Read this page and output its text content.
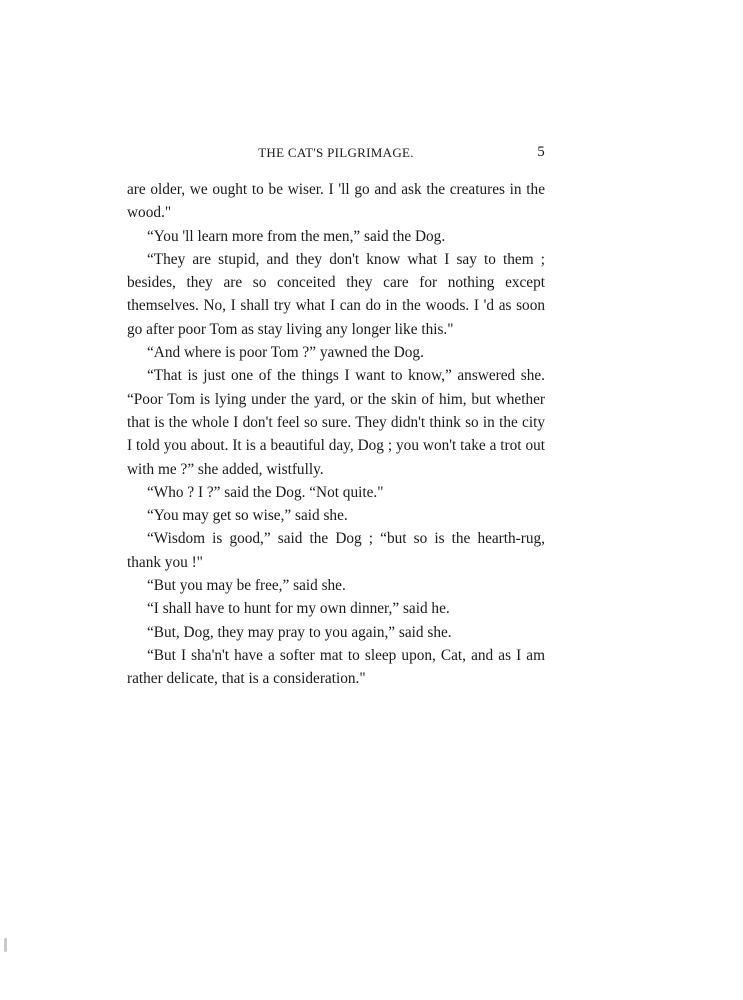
THE CAT'S PILGRIMAGE.	5

are older, we ought to be wiser. I 'll go and ask the creatures in the wood."

“You 'll learn more from the men,” said the Dog.

“They are stupid, and they don't know what I say to them ; besides, they are so conceited they care for nothing except themselves. No, I shall try what I can do in the woods. I 'd as soon go after poor Tom as stay living any longer like this."

“And where is poor Tom ?” yawned the Dog.

“That is just one of the things I want to know,” answered she. “Poor Tom is lying under the yard, or the skin of him, but whether that is the whole I don't feel so sure. They didn't think so in the city I told you about. It is a beautiful day, Dog ; you won't take a trot out with me ?” she added, wistfully.

“Who ? I ?” said the Dog. “Not quite."

“You may get so wise,” said she.

“Wisdom is good,” said the Dog ; “but so is the hearth-rug, thank you !"

“But you may be free,” said she.

“I shall have to hunt for my own dinner,” said he.

“But, Dog, they may pray to you again,” said she.

“But I sha'n't have a softer mat to sleep upon, Cat, and as I am rather delicate, that is a consideration."
